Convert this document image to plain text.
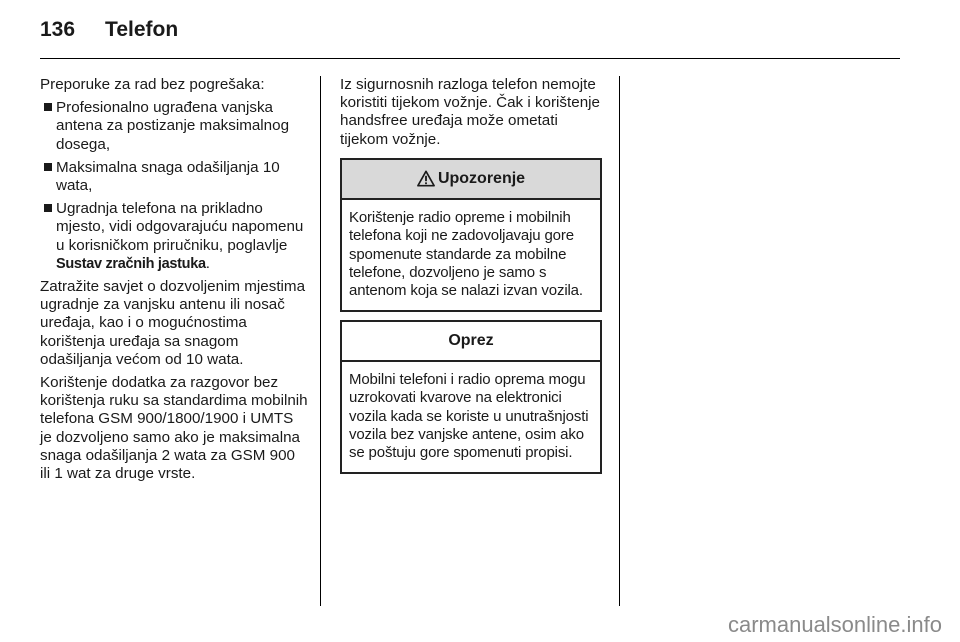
136 Telefon

Preporuke za rad bez pogrešaka:

Profesionalno ugrađena vanjska antena za postizanje maksimalnog dosega,
Maksimalna snaga odašiljanja 10 wata,
Ugradnja telefona na prikladno mjesto, vidi odgovarajuću napomenu u korisničkom priručniku, poglavlje Sustav zračnih jastuka.

Zatražite savjet o dozvoljenim mjestima ugradnje za vanjsku antenu ili nosač uređaja, kao i o mogućnostima korištenja uređaja sa snagom odašiljanja većom od 10 wata.

Korištenje dodatka za razgovor bez korištenja ruku sa standardima mobilnih telefona GSM 900/1800/1900 i UMTS je dozvoljeno samo ako je maksimalna snaga odašiljanja 2 wata za GSM 900 ili 1 wat za druge vrste.

Iz sigurnosnih razloga telefon nemojte koristiti tijekom vožnje. Čak i korištenje handsfree uređaja može ometati tijekom vožnje.

Upozorenje
Korištenje radio opreme i mobilnih telefona koji ne zadovoljavaju gore spomenute standarde za mobilne telefone, dozvoljeno je samo s antenom koja se nalazi izvan vozila.
Oprez
Mobilni telefoni i radio oprema mogu uzrokovati kvarove na elektronici vozila kada se koriste u unutrašnjosti vozila bez vanjske antene, osim ako se poštuju gore spomenuti propisi.
carmanualsonline.info
